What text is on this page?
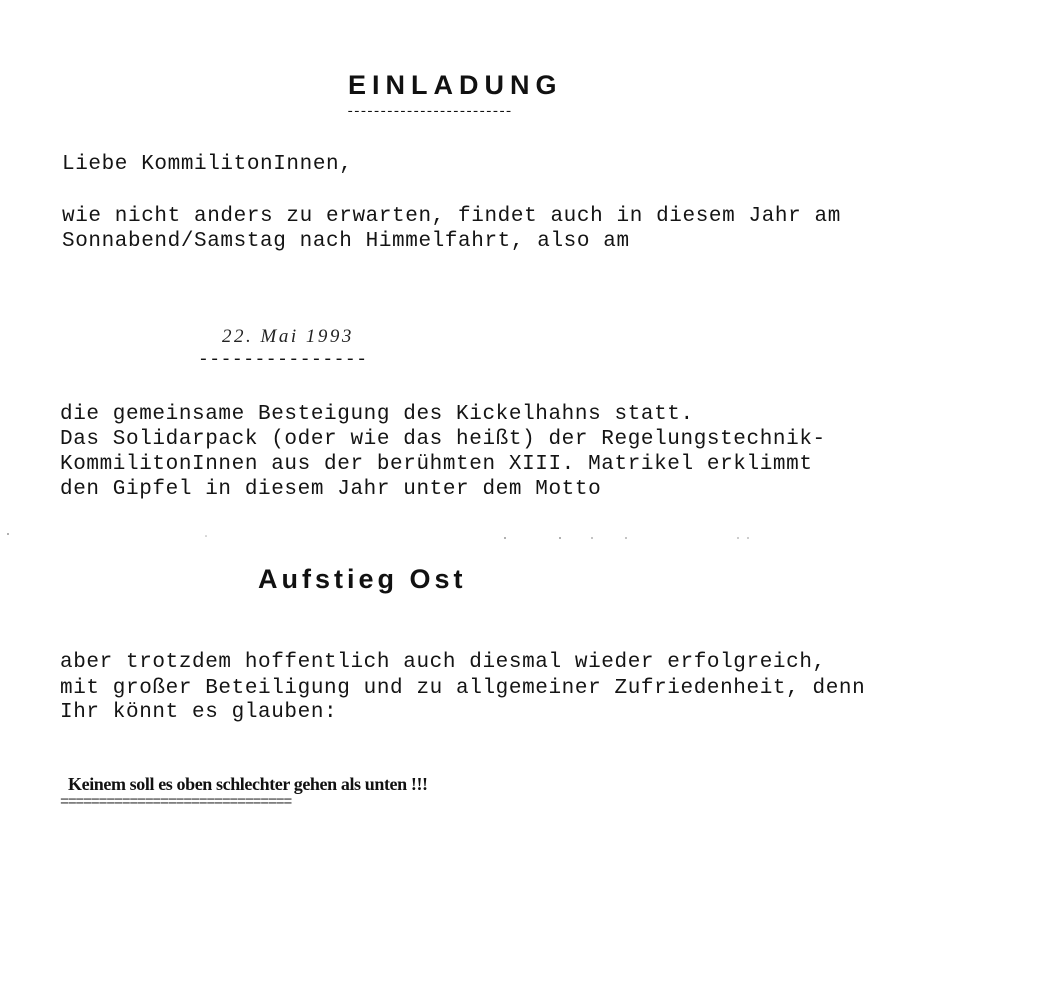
EINLADUNG
-------------------------
Liebe KommilitonInnen,
wie nicht anders zu erwarten, findet auch in diesem Jahr am
Sonnabend/Samstag nach Himmelfahrt, also am
22. Mai 1993
---------------
die gemeinsame Besteigung des Kickelhahns statt.
Das Solidarpack (oder wie das heißt) der Regelungstechnik-
KommilitonInnen aus der berühmten XIII. Matrikel erklimmt
den Gipfel in diesem Jahr unter dem Motto
Aufstieg Ost
aber trotzdem hoffentlich auch diesmal wieder erfolgreich,
mit großer Beteiligung und zu allgemeiner Zufriedenheit, denn
Ihr könnt es glauben:
Keinem soll es oben schlechter gehen als unten !!!
==============================
